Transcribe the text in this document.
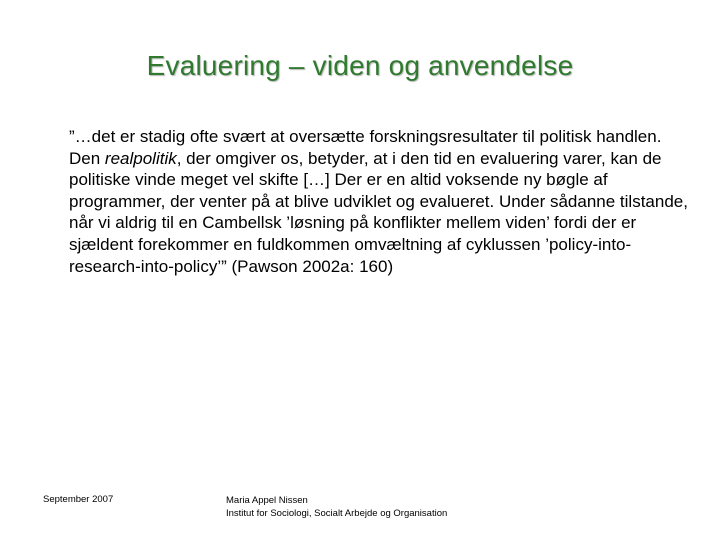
Evaluering – viden og anvendelse
”…det er stadig ofte svært at oversætte forskningsresultater til politisk handlen. Den realpolitik, der omgiver os, betyder, at i den tid en evaluering varer, kan de politiske vinde meget vel skifte […] Der er en altid voksende ny bøgle af programmer, der venter på at blive udviklet og evalueret. Under sådanne tilstande, når vi aldrig til en Cambellsk ’løsning på konflikter mellem viden’ fordi der er sjældent forekommer en fuldkommen omvæltning af cyklussen ’policy-into-research-into-policy’” (Pawson 2002a: 160)
September 2007	Maria Appel Nissen
Institut for Sociologi, Socialt Arbejde og Organisation
